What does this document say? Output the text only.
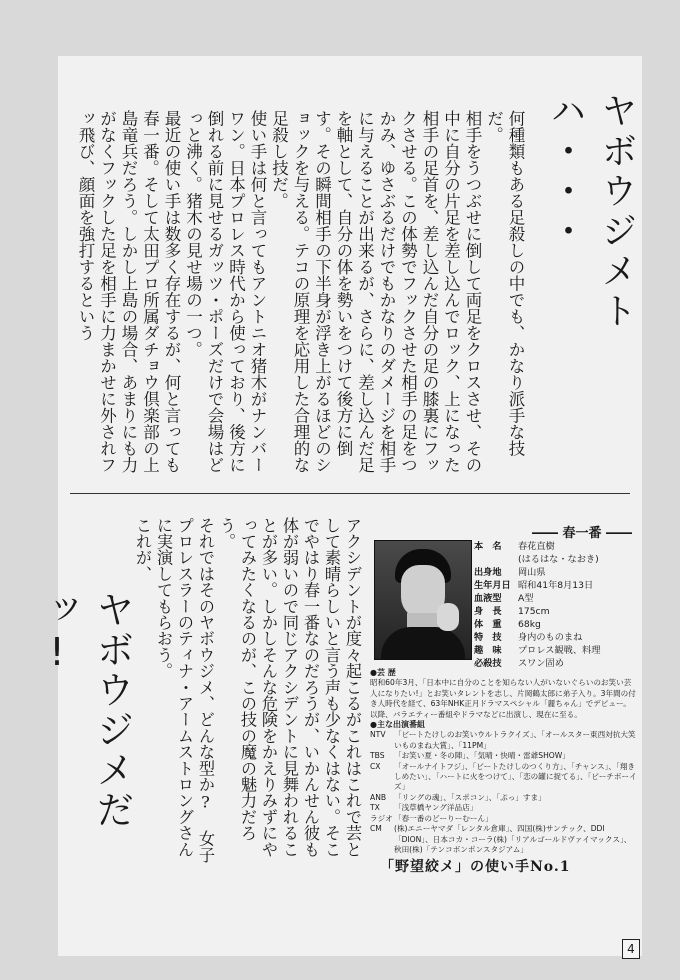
ヤボウジメトハ・・・

何種類もある足殺しの中でも、かなり派手な技だ。

相手をうつぶせに倒して両足をクロスさせ、その中に自分の片足を差し込んでロック、上になった相手の足首を、差し込んだ自分の足の膝裏にフックさせる。この体勢でフックさせた相手の足をつかみ、ゆさぶるだけでもかなりのダメージを相手に与えることが出来るが、さらに、差し込んだ足を軸として、自分の体を勢いをつけて後方に倒す。その瞬間相手の下半身が浮き上がるほどのショックを与える。テコの原理を応用した合理的な足殺し技だ。

使い手は何と言ってもアントニオ猪木がナンバーワン。日本プロレス時代から使っており、後方に倒れる前に見せるガッツ・ポーズだけで会場はどっと沸く。猪木の見せ場の一つ。

最近の使い手は数多く存在するが、何と言っても春一番。そして太田プロ所属ダチョウ倶楽部の上島竜兵だろう。しかし上島の場合、あまりにも力がなくフックした足を相手に力まかせに外されフッ飛び、顔面を強打するという

―― 春一番 ――
本　名	春花直樹
(はるはな・なおき)
出身地	岡山県
生年月日 昭和41年8月13日
血液型	A型
身　長	175cm
体　重	68kg
特　技	身内のものまね
趣　味	プロレス観戦、料理
必殺技	スワン固め
●芸 歴
昭和60年3月、「日本中に自分のことを知らない人がいないぐらいのお笑い芸人になりたい!」とお笑いタレントを志し、片岡鶴太郎に弟子入り。3年間の付き人時代を経て、63年NHK正月ドラマスペシャル「麗ちゃん」でデビュー。以降、バラエティー番組やドラマなどに出演し、現在に至る。
●主な出演番組
NTV	「ビートたけしのお笑いウルトラクイズ」、「オールスター東西対抗大笑いものまね大賞」、「11PM」
TBS	「お笑い夏・冬の陣」、「気晴・快晴・雷爺SHOW」
CX	「オールナイトフジ」、「ビートたけしのつくり方」、「チャンス」、「翔きしめたい」、「ハートに火をつけて」、「恋の罐に捉てる」、「ビーチボーイズ」
ANB	「リングの魂」、「スポコン」、「ぷっ」すま」
TX	「浅草橋ヤング洋品店」
ラジオ 「春一番のどーりーむーん」
CM	(株)エニーヤマダ「レンタル倉庫」、四国(株)サンテック、DDI「DION」、日本コカ・コーラ(株)「リアルゴールドヴァイマックス」、秋田(株)「テンコボンポンスタジアム」

アクシデントが度々起こるがこれはこれで芸として素晴らしいと言う声も少なくはない。そこでやはり春一番なのだろうが、いかんせん彼も体が弱いので同じアクシデントに見舞われることが多い。しかしそんな危険をかえりみずにやってみたくなるのが、この技の魔の魅力だろう。

それではそのヤボウジメ、どんな型か? 女子プロレスラーのティナ・アームストロングさんに実演してもらおう。

これが、

ヤボウジメだッ!
「野望絞メ」の使い手No.1
4
